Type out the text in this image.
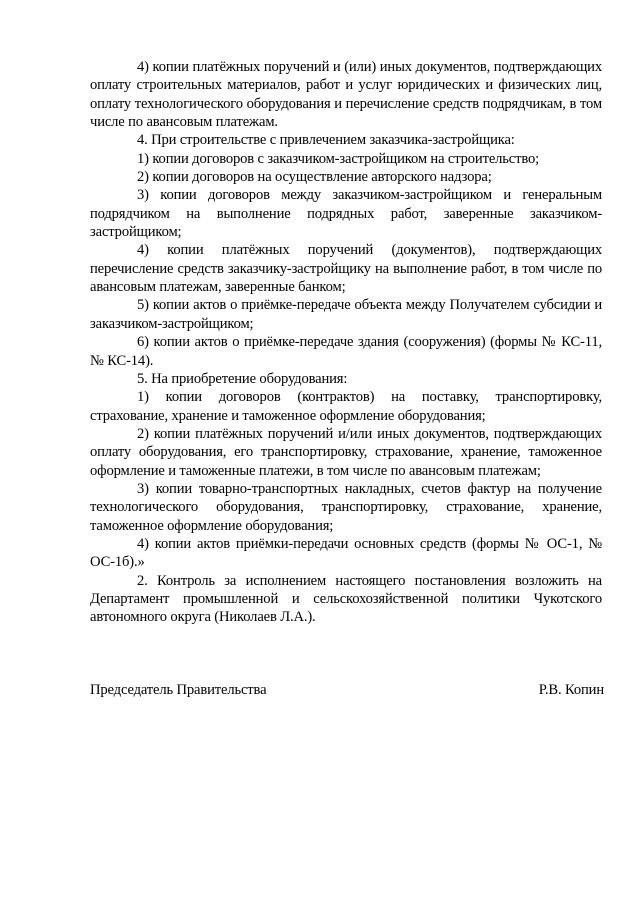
4) копии платёжных поручений и (или) иных документов, подтверждающих оплату строительных материалов, работ и услуг юридических и физических лиц, оплату технологического оборудования и перечисление средств подрядчикам, в том числе по авансовым платежам.

4. При строительстве с привлечением заказчика-застройщика:

1) копии договоров с заказчиком-застройщиком на строительство;

2) копии договоров на осуществление авторского надзора;

3) копии договоров между заказчиком-застройщиком и генеральным подрядчиком на выполнение подрядных работ, заверенные заказчиком-застройщиком;

4) копии платёжных поручений (документов), подтверждающих перечисление средств заказчику-застройщику на выполнение работ, в том числе по авансовым платежам, заверенные банком;

5) копии актов о приёмке-передаче объекта между Получателем субсидии и заказчиком-застройщиком;

6) копии актов о приёмке-передаче здания (сооружения) (формы № КС-11, № КС-14).

5. На приобретение оборудования:

1) копии договоров (контрактов) на поставку, транспортировку, страхование, хранение и таможенное оформление оборудования;

2) копии платёжных поручений и/или иных документов, подтверждающих оплату оборудования, его транспортировку, страхование, хранение, таможенное оформление и таможенные платежи, в том числе по авансовым платежам;

3) копии товарно-транспортных накладных, счетов фактур на получение технологического оборудования, транспортировку, страхование, хранение, таможенное оформление оборудования;

4) копии актов приёмки-передачи основных средств (формы № ОС-1, № ОС-1б).»

2. Контроль за исполнением настоящего постановления возложить на Департамент промышленной и сельскохозяйственной политики Чукотского автономного округа (Николаев Л.А.).

Председатель Правительства	Р.В. Копин
